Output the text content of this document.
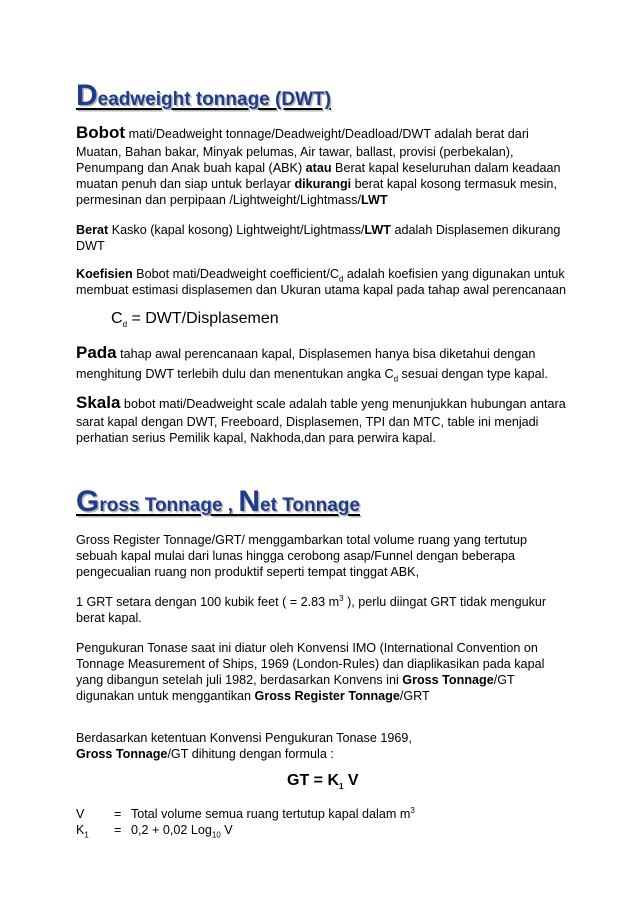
Deadweight tonnage (DWT)
Bobot mati/Deadweight tonnage/Deadweight/Deadload/DWT adalah berat dari
Muatan, Bahan bakar, Minyak pelumas, Air tawar, ballast, provisi (perbekalan),
Penumpang dan Anak buah kapal (ABK) atau Berat kapal keseluruhan dalam keadaan
muatan penuh dan siap untuk berlayar dikurangi berat kapal kosong termasuk mesin,
permesinan dan perpipaan /Lightweight/Lightmass/LWT
Berat Kasko (kapal kosong) Lightweight/Lightmass/LWT adalah Displasemen dikurang
DWT
Koefisien Bobot mati/Deadweight coefficient/$C_d$ adalah koefisien yang digunakan untuk
membuat estimasi displasemen dan Ukuran utama kapal pada tahap awal perencanaan
$C_d$ = DWT/Displasemen
Pada tahap awal perencanaan kapal, Displasemen hanya bisa diketahui dengan
menghitung DWT terlebih dulu dan menentukan angka $C_d$ sesuai dengan type kapal.
Skala bobot mati/Deadweight scale adalah table yeng menunjukkan hubungan antara
sarat kapal dengan DWT, Freeboard, Displasemen, TPI dan MTC, table ini menjadi
perhatian serius Pemilik kapal, Nakhoda,dan para perwira kapal.
Gross Tonnage , Net Tonnage
Gross Register Tonnage/GRT/ menggambarkan total volume ruang yang tertutup
sebuah kapal mulai dari lunas hingga cerobong asap/Funnel dengan beberapa
pengecualian ruang non produktif seperti tempat tinggat ABK,
1 GRT setara dengan 100 kubik feet ( = 2.83 $m^3$ ), perlu diingat GRT tidak mengukur
berat kapal.
Pengukuran Tonase saat ini diatur oleh Konvensi IMO (International Convention on
Tonnage Measurement of Ships, 1969 (London-Rules) dan diaplikasikan pada kapal
yang dibangun setelah juli 1982, berdasarkan Konvens ini Gross Tonnage/GT
digunakan untuk menggantikan Gross Register Tonnage/GRT
Berdasarkan ketentuan Konvensi Pengukuran Tonase 1969,
Gross Tonnage/GT dihitung dengan formula :
GT = $K_1$ V
V = Total volume semua ruang tertutup kapal dalam $m^3$
$K_1 = 0,2 + 0,02$ Log$_{10}$ V
